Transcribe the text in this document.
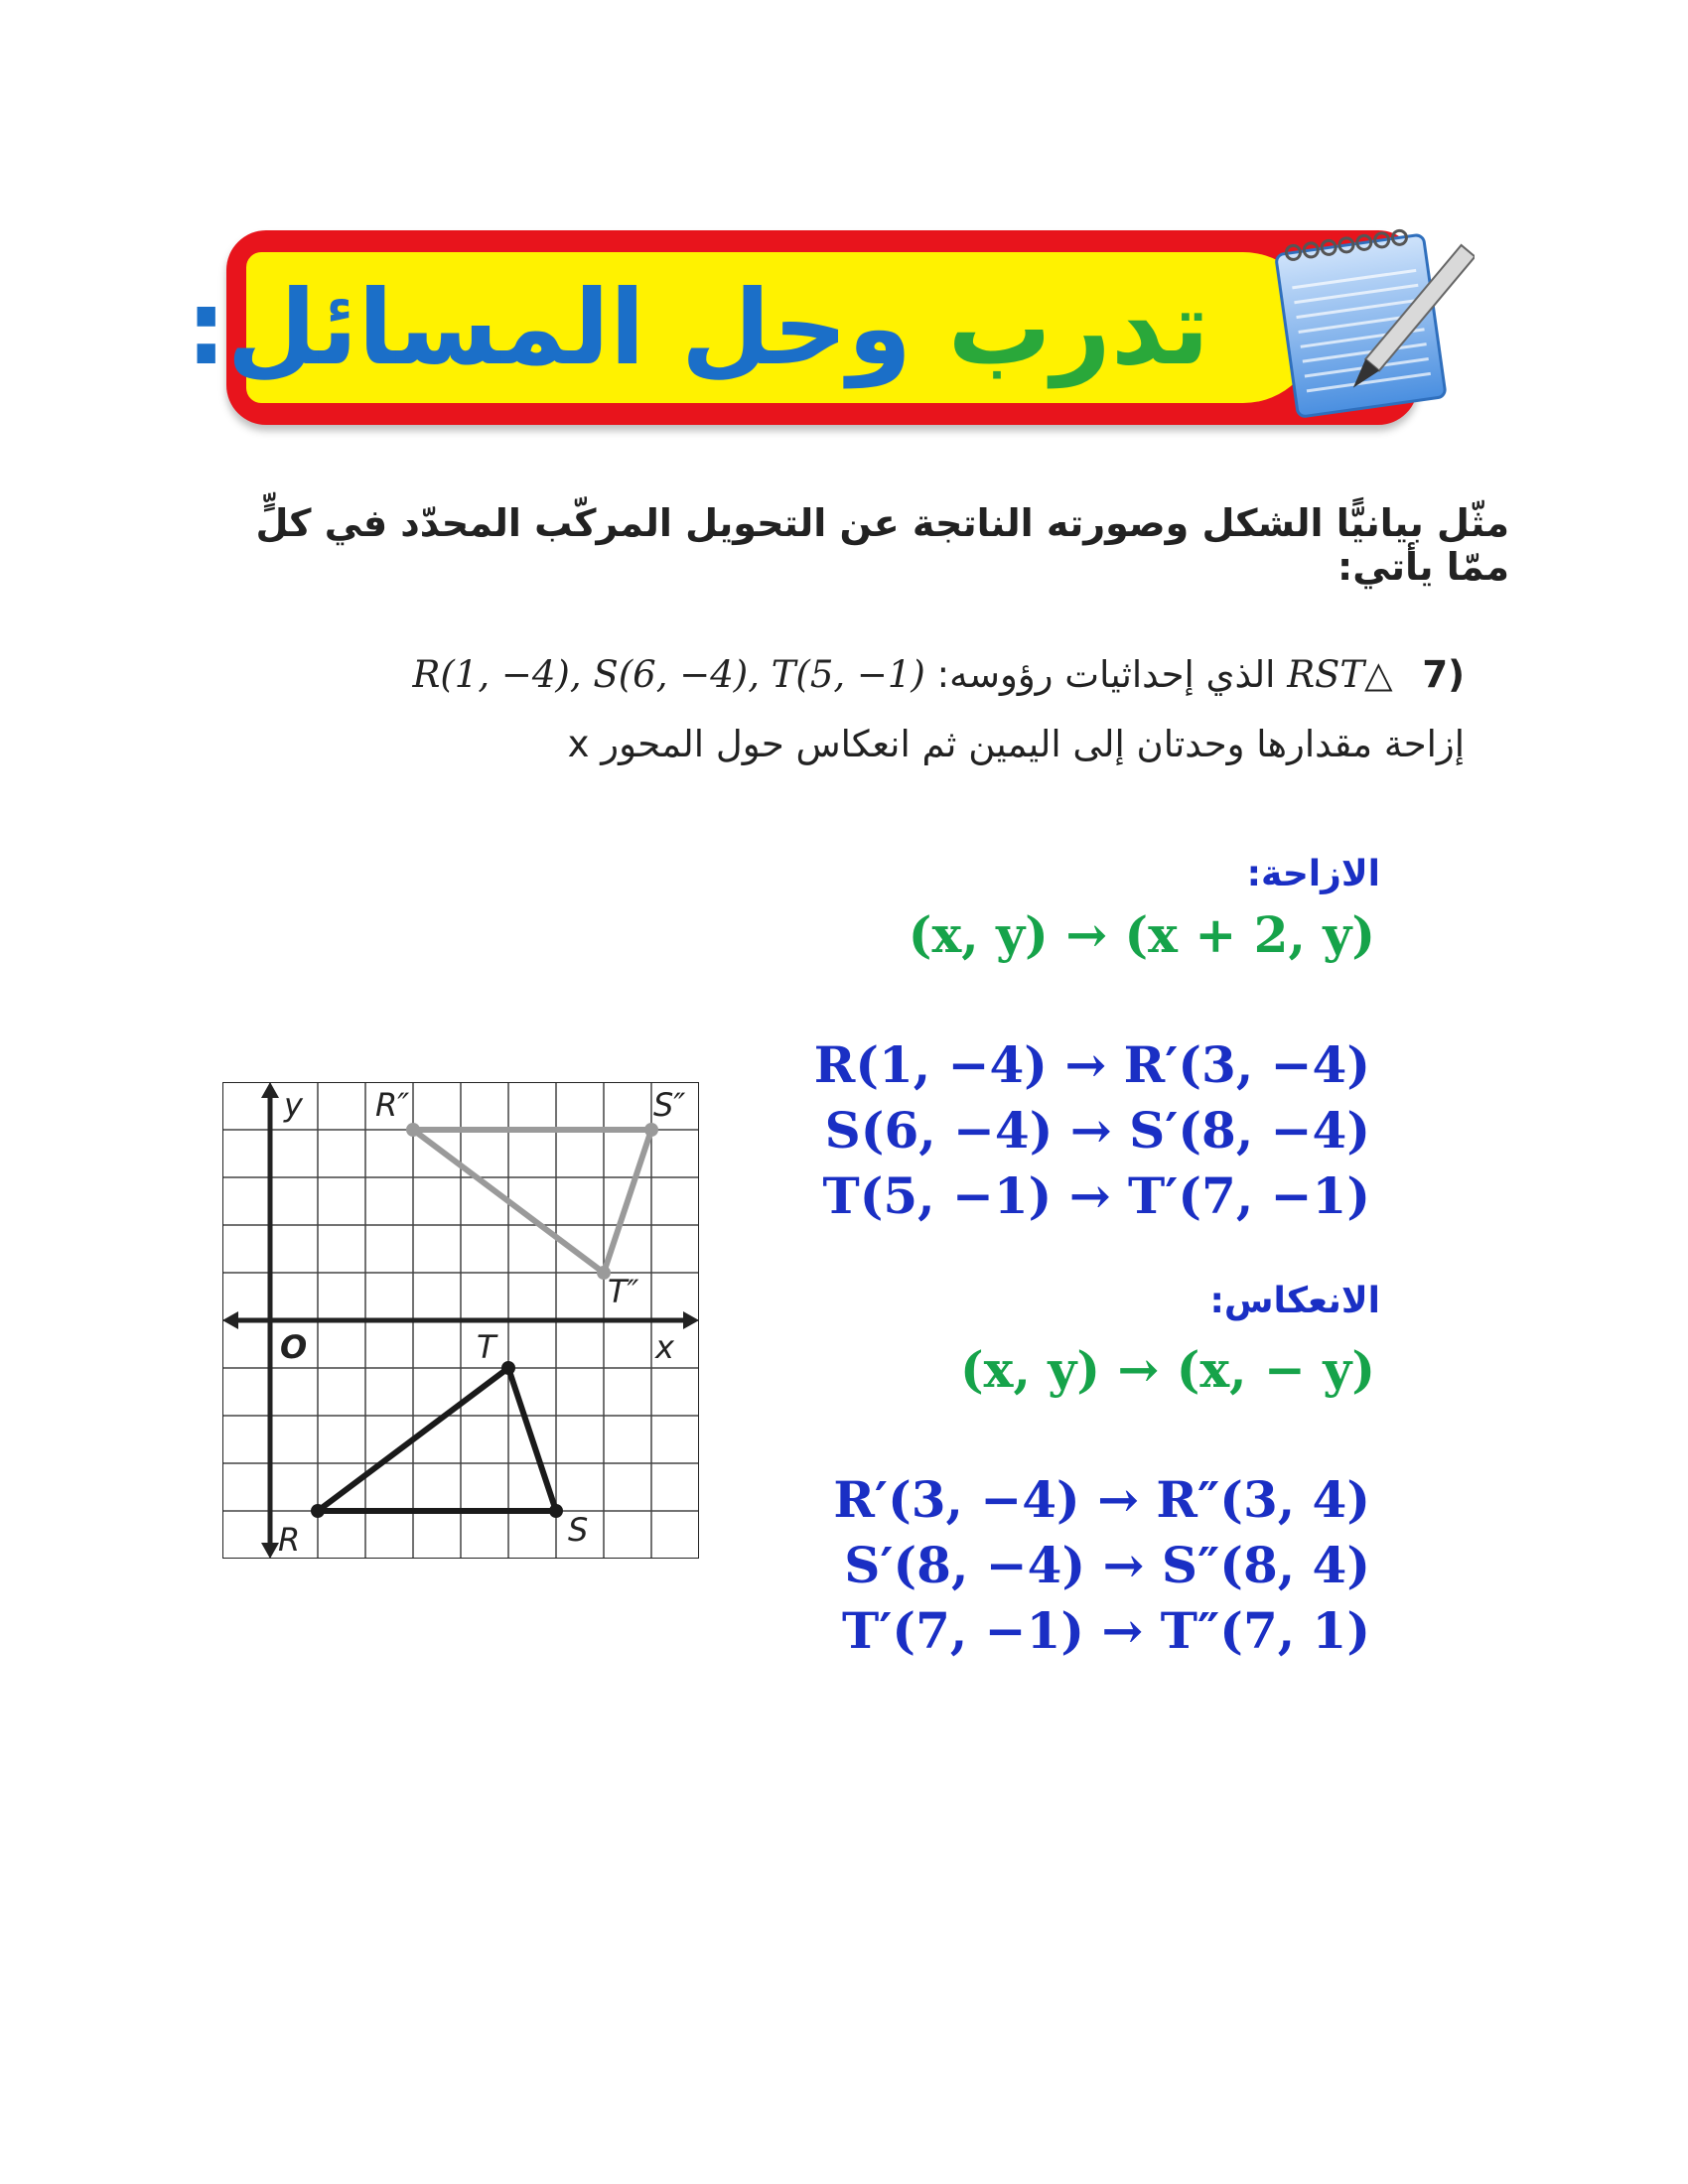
تدرب وحل المسائل:
مثّل بيانيًّا الشكل وصورته الناتجة عن التحويل المركّب المحدّد في كلٍّ ممّا يأتي:
(7 △RST الذي إحداثيات رؤوسه: R(1, −4), S(6, −4), T(5, −1)
إزاحة مقدارها وحدتان إلى اليمين ثم انعكاس حول المحور x
الازاحة:
(x, y) → (x + 2, y)
R(1, −4) → R′(3, −4)
S(6, −4) → S′(8, −4)
T(5, −1) → T′(7, −1)
الانعكاس:
(x, y) → (x, − y)
R′(3, −4) → R″(3, 4)
S′(8, −4) → S″(8, 4)
T′(7, −1) → T″(7, 1)
y
x
O
R″	S″
T″
T
R	S
